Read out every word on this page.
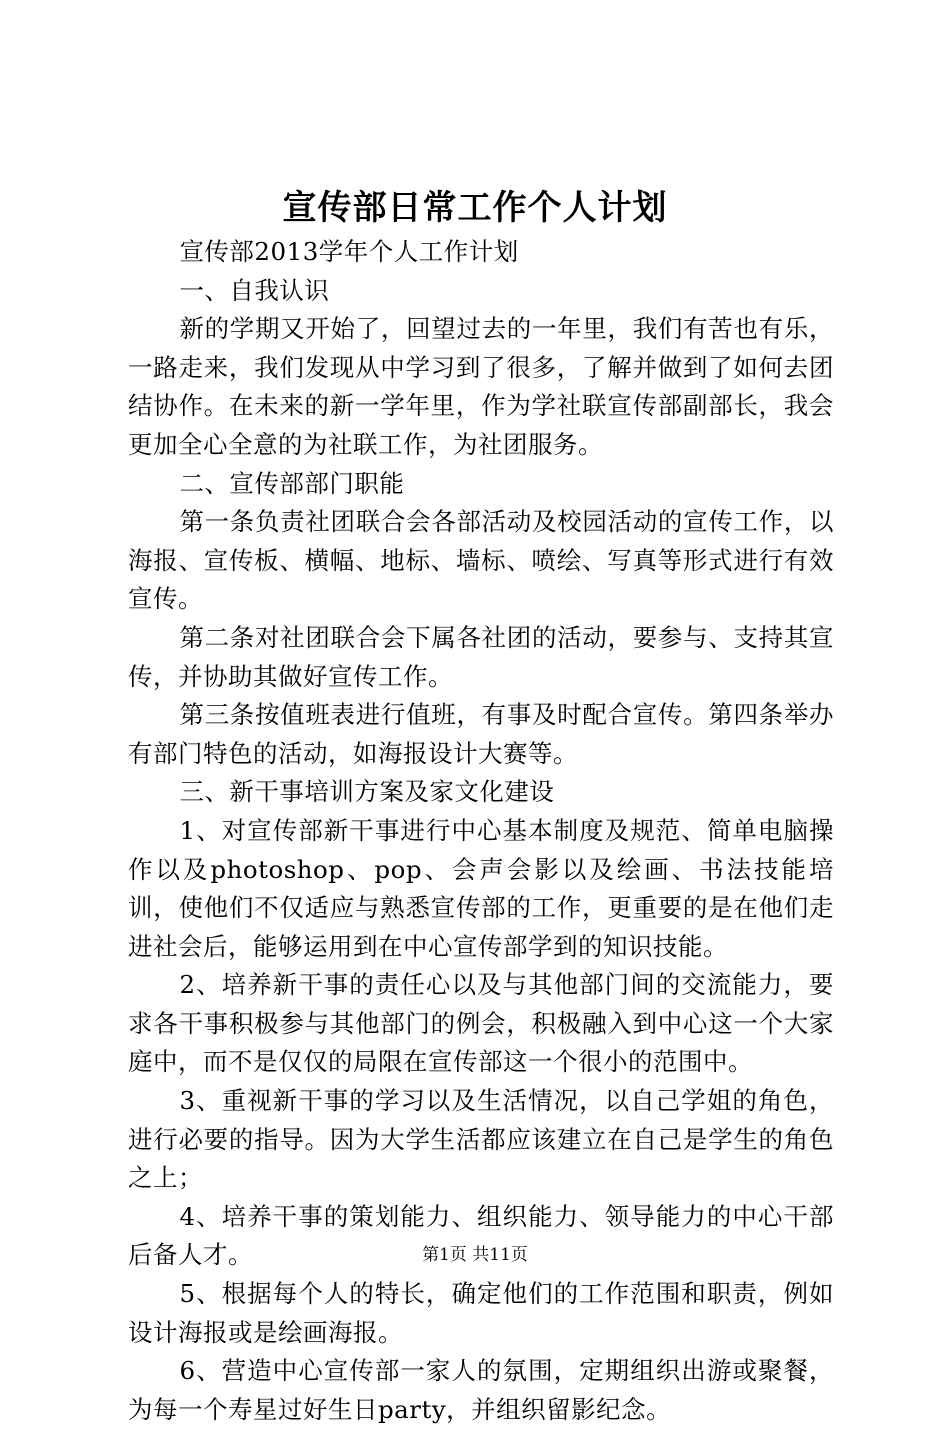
宣传部日常工作个人计划

宣传部2013学年个人工作计划

一、自我认识

新的学期又开始了，回望过去的一年里，我们有苦也有乐，一路走来，我们发现从中学习到了很多，了解并做到了如何去团结协作。在未来的新一学年里，作为学社联宣传部副部长，我会更加全心全意的为社联工作，为社团服务。

二、宣传部部门职能

第一条负责社团联合会各部活动及校园活动的宣传工作，以海报、宣传板、横幅、地标、墙标、喷绘、写真等形式进行有效宣传。

第二条对社团联合会下属各社团的活动，要参与、支持其宣传，并协助其做好宣传工作。

第三条按值班表进行值班，有事及时配合宣传。第四条举办有部门特色的活动，如海报设计大赛等。

三、新干事培训方案及家文化建设

1、对宣传部新干事进行中心基本制度及规范、简单电脑操作以及photoshop、pop、会声会影以及绘画、书法技能培训，使他们不仅适应与熟悉宣传部的工作，更重要的是在他们走进社会后，能够运用到在中心宣传部学到的知识技能。

2、培养新干事的责任心以及与其他部门间的交流能力，要求各干事积极参与其他部门的例会，积极融入到中心这一个大家庭中，而不是仅仅的局限在宣传部这一个很小的范围中。

3、重视新干事的学习以及生活情况，以自己学姐的角色，进行必要的指导。因为大学生活都应该建立在自己是学生的角色之上；

4、培养干事的策划能力、组织能力、领导能力的中心干部后备人才。

5、根据每个人的特长，确定他们的工作范围和职责，例如设计海报或是绘画海报。

6、营造中心宣传部一家人的氛围，定期组织出游或聚餐，为每一个寿星过好生日party，并组织留影纪念。

第1页 共11页
